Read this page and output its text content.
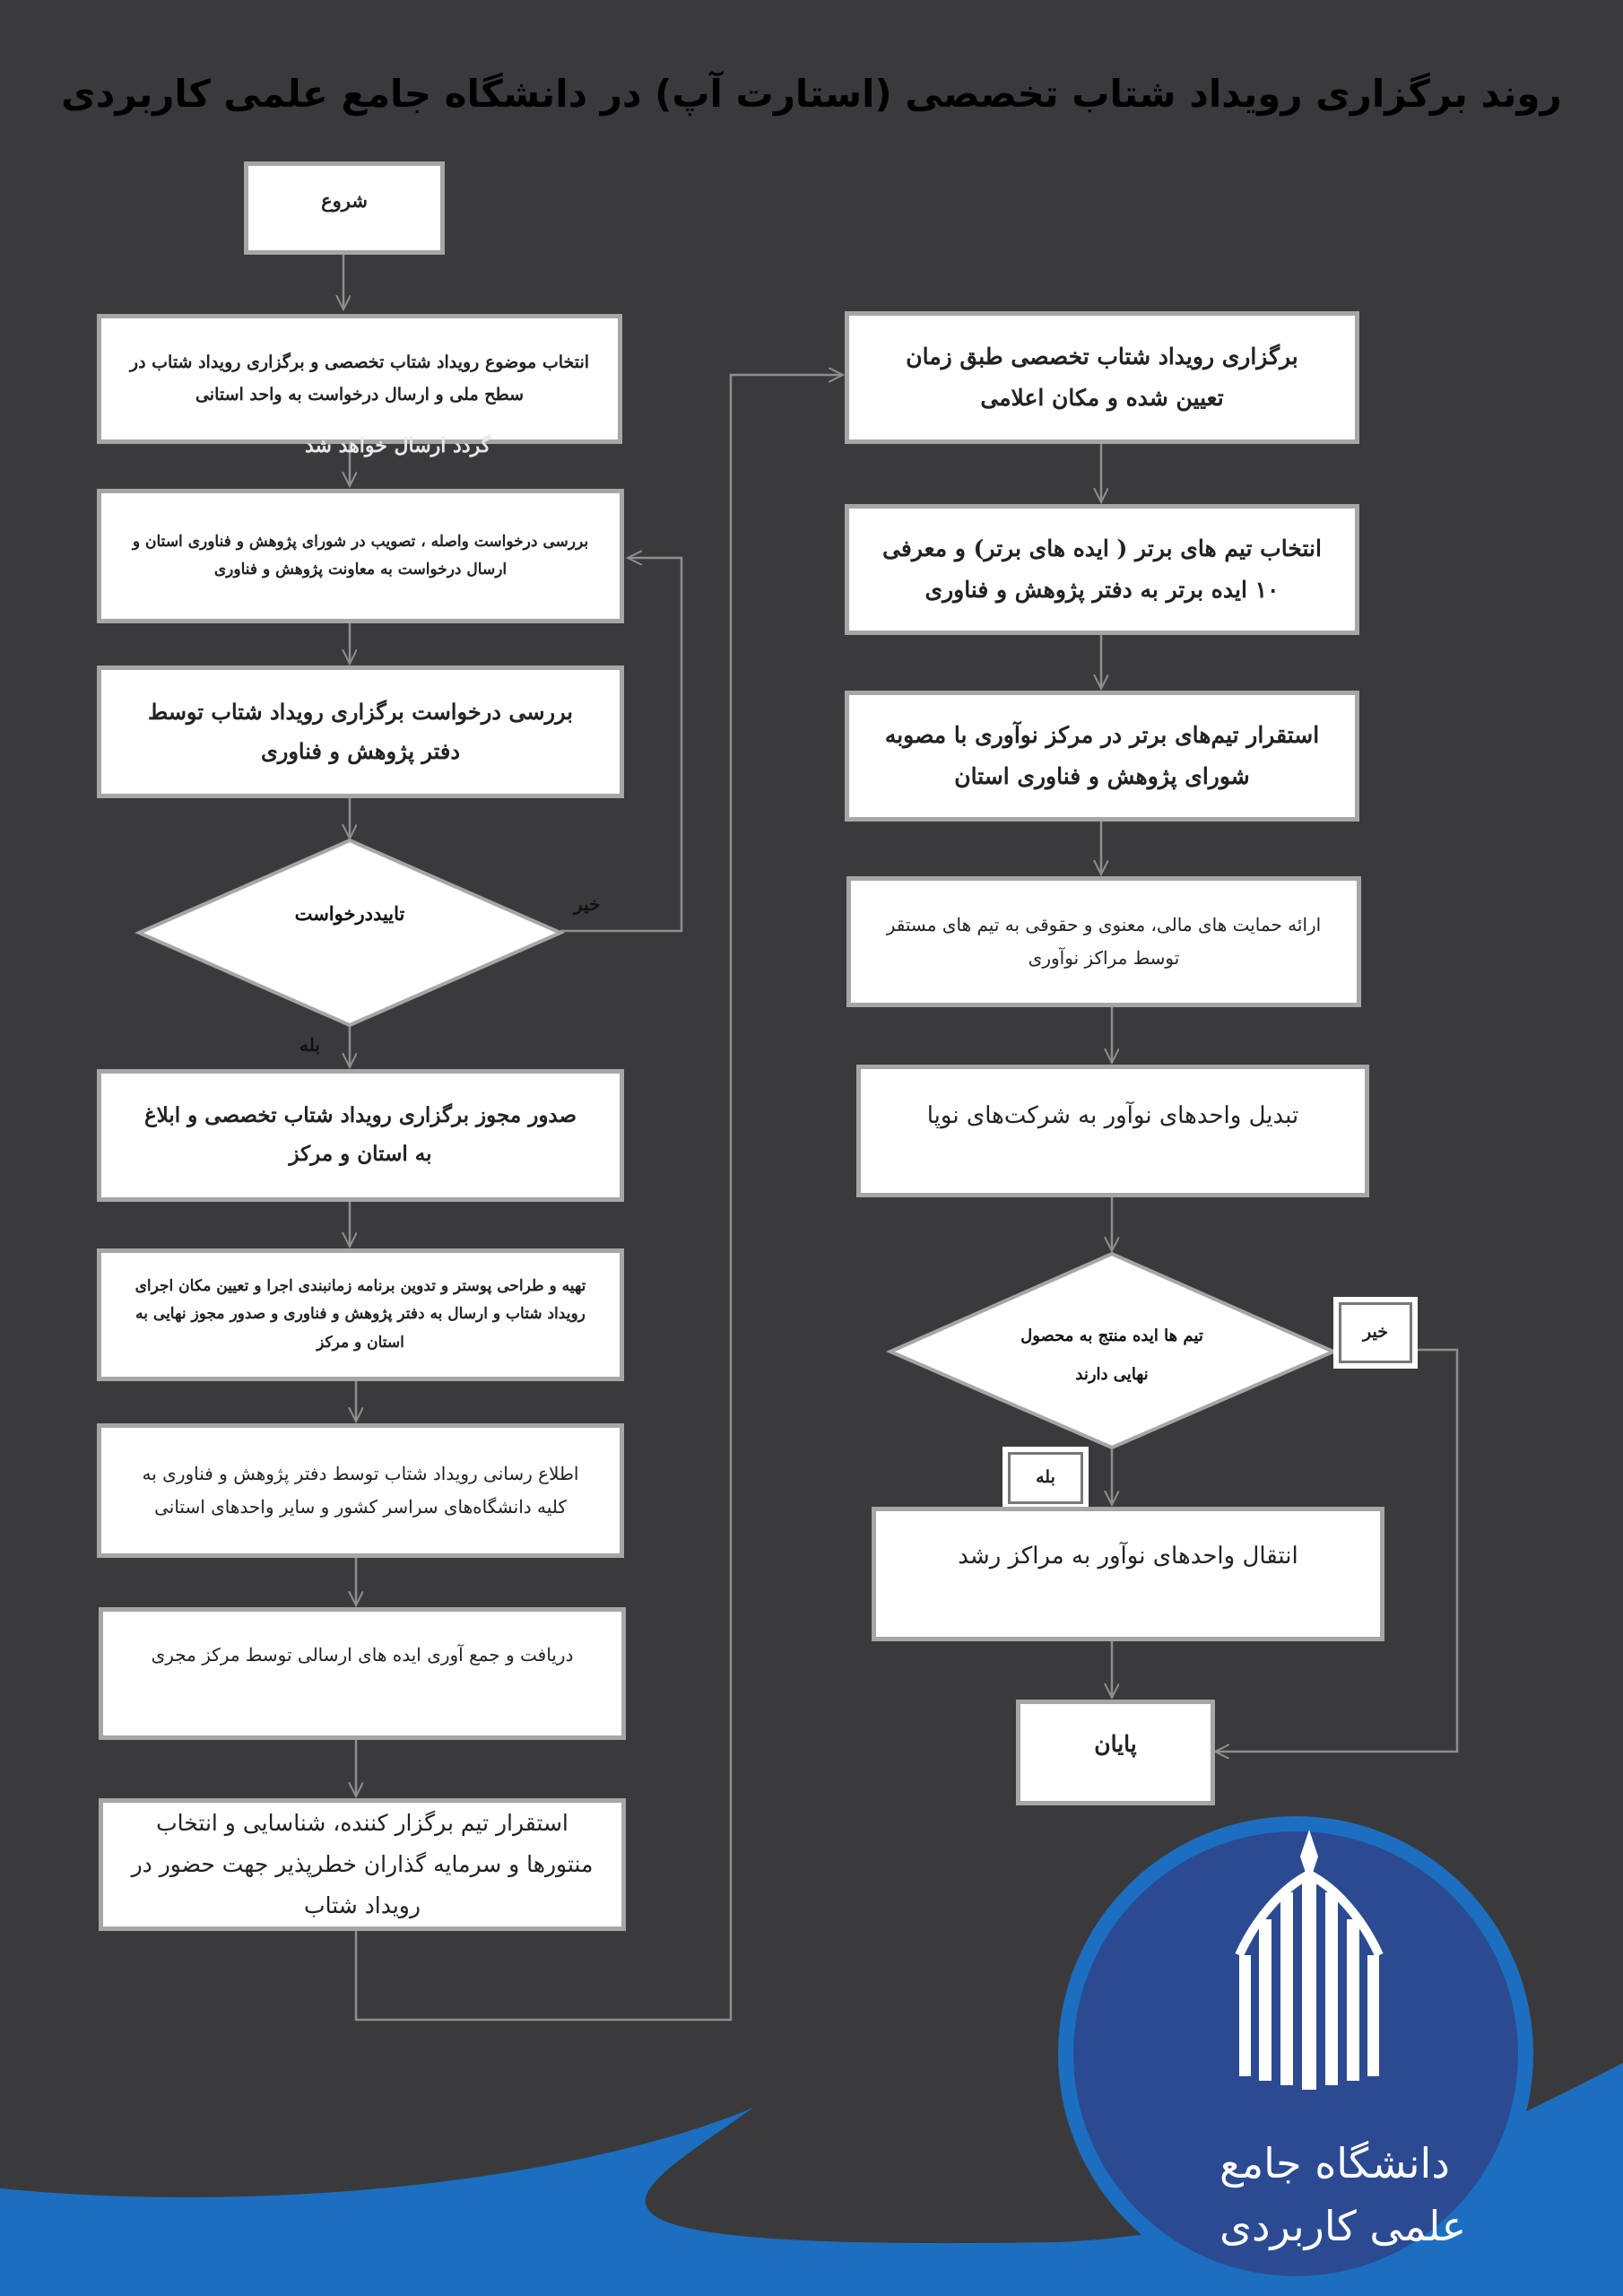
دانشگاه جامع
علمی کاربردی
روند برگزاری رویداد شتاب تخصصی (استارت آپ) در دانشگاه جامع علمی کاربردی
شروع
انتخاب موضوع رویداد شتاب تخصصی و برگزاری رویداد شتاب در سطح ملی و ارسال درخواست به واحد استانی
گردد ارسال خواهد شد
بررسی درخواست واصله ، تصویب در شورای پژوهش و فناوری استان و ارسال درخواست به معاونت پژوهش و فناوری
بررسی درخواست برگزاری رویداد شتاب توسط دفتر پژوهش و فناوری
تاییددرخواست	خیر
بله
صدور مجوز برگزاری رویداد شتاب تخصصی و ابلاغ به استان و مرکز
تهیه و طراحی پوستر و تدوین برنامه زمانبندی اجرا و تعیین مکان اجرای رویداد شتاب و ارسال به دفتر پژوهش و فناوری و صدور مجوز نهایی به استان و مرکز
اطلاع رسانی رویداد شتاب توسط دفتر پژوهش و فناوری به کلیه دانشگاه‌های سراسر کشور و سایر واحدهای استانی
دریافت و جمع آوری ایده های ارسالی توسط مرکز مجری
استقرار تیم برگزار کننده، شناسایی و انتخاب منتورها و سرمایه گذاران خطرپذیر جهت حضور در رویداد شتاب
برگزاری رویداد شتاب تخصصی طبق زمان تعیین شده و مکان اعلامی
انتخاب تیم های برتر ( ایده های برتر) و معرفی ۱۰ ایده برتر به دفتر پژوهش و فناوری
استقرار تیم‌های برتر در مرکز نوآوری با مصوبه شورای پژوهش و فناوری استان
ارائه حمایت های مالی، معنوی و حقوقی به تیم های مستقر توسط مراکز نوآوری
تبدیل واحدهای نوآور به شرکت‌های نوپا
تیم ها ایده منتج به محصول نهایی دارند
خیر
بله
انتقال واحدهای نوآور به مراکز رشد
پایان
